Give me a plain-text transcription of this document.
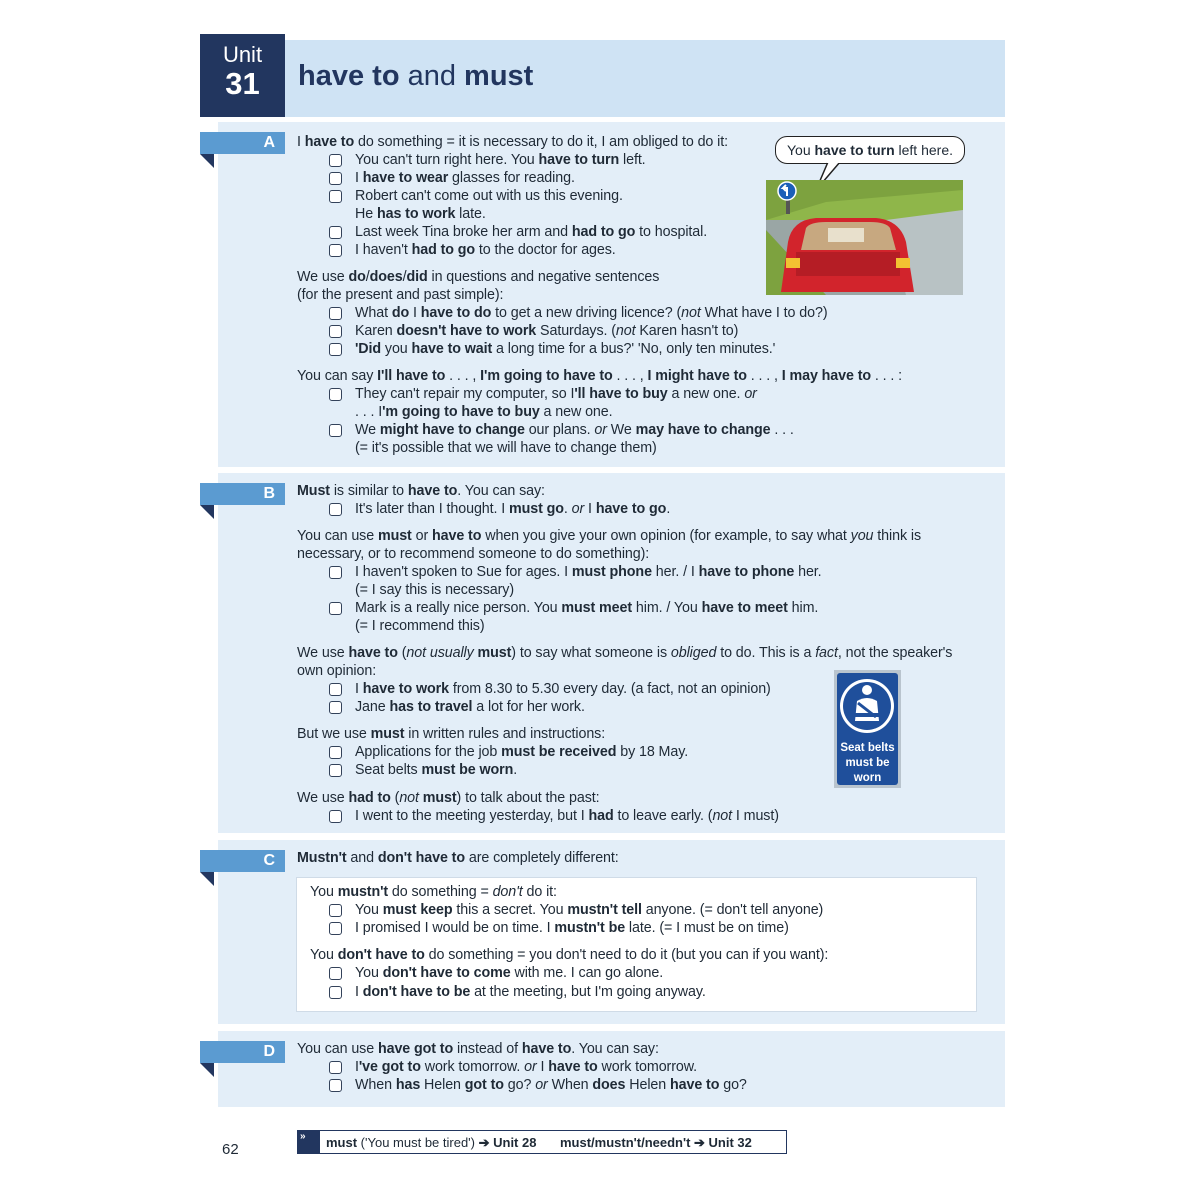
Unit
31	have to and must
A	I have to do something = it is necessary to do it, I am obliged to do it:
You can't turn right here. You have to turn left.
I have to wear glasses for reading.
Robert can't come out with us this evening.
He has to work late.
Last week Tina broke her arm and had to go to hospital.
I haven't had to go to the doctor for ages.
We use do/does/did in questions and negative sentences
(for the present and past simple):
What do I have to do to get a new driving licence? (not What have I to do?)
Karen doesn't have to work Saturdays. (not Karen hasn't to)
'Did you have to wait a long time for a bus?' 'No, only ten minutes.'
You can say I'll have to . . . , I'm going to have to . . . , I might have to . . . , I may have to . . . :
They can't repair my computer, so I'll have to buy a new one. or
. . . I'm going to have to buy a new one.
We might have to change our plans. or We may have to change . . .
(= it's possible that we will have to change them)
You have to turn left here.
B	Must is similar to have to. You can say:
It's later than I thought. I must go. or I have to go.
You can use must or have to when you give your own opinion (for example, to say what you think is
necessary, or to recommend someone to do something):
I haven't spoken to Sue for ages. I must phone her. / I have to phone her.
(= I say this is necessary)
Mark is a really nice person. You must meet him. / You have to meet him.
(= I recommend this)
We use have to (not usually must) to say what someone is obliged to do. This is a fact, not the speaker's
own opinion:
I have to work from 8.30 to 5.30 every day. (a fact, not an opinion)
Jane has to travel a lot for her work.
But we use must in written rules and instructions:
Applications for the job must be received by 18 May.
Seat belts must be worn.
We use had to (not must) to talk about the past:
I went to the meeting yesterday, but I had to leave early. (not I must)
Seat belts
must be
worn
C	Mustn't and don't have to are completely different:
You mustn't do something = don't do it:
You must keep this a secret. You mustn't tell anyone. (= don't tell anyone)
I promised I would be on time. I mustn't be late. (= I must be on time)
You don't have to do something = you don't need to do it (but you can if you want):
You don't have to come with me. I can go alone.
I don't have to be at the meeting, but I'm going anyway.
D	You can use have got to instead of have to. You can say:
I've got to work tomorrow. or I have to work tomorrow.
When has Helen got to go? or When does Helen have to go?
62
»	must ('You must be tired') ➔ Unit 28 must/mustn't/needn't ➔ Unit 32
